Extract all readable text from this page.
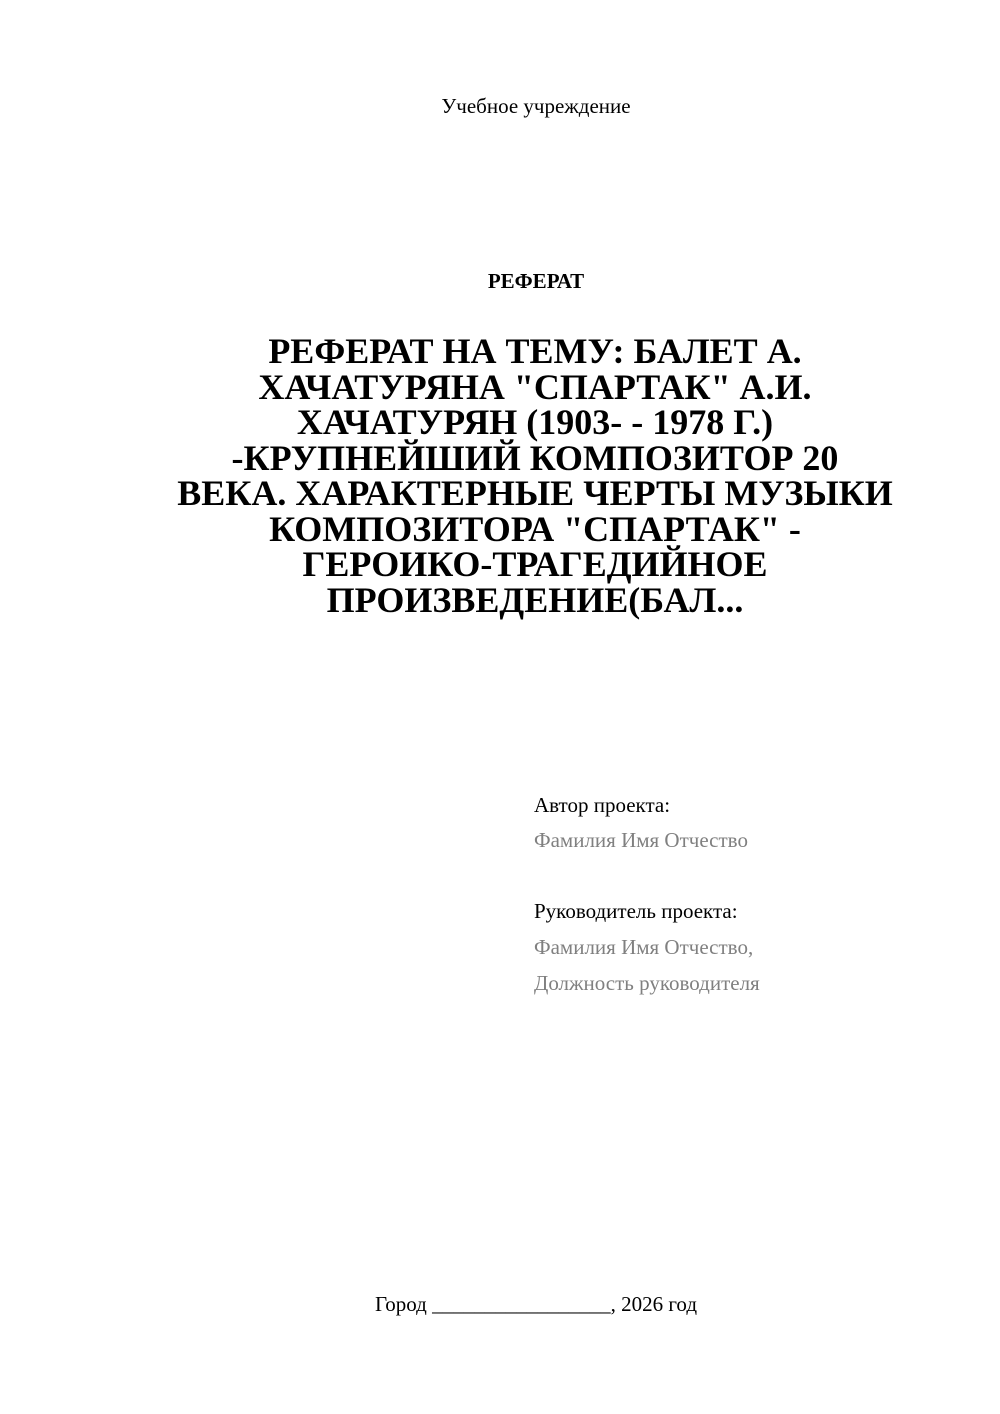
Учебное учреждение
РЕФЕРАТ
РЕФЕРАТ НА ТЕМУ: БАЛЕТ А.
ХАЧАТУРЯНА "СПАРТАК" А.И.
ХАЧАТУРЯН (1903- - 1978 Г.)
-КРУПНЕЙШИЙ КОМПОЗИТОР 20
ВЕКА. ХАРАКТЕРНЫЕ ЧЕРТЫ МУЗЫКИ
КОМПОЗИТОРА "СПАРТАК" -
ГЕРОИКО-ТРАГЕДИЙНОЕ
ПРОИЗВЕДЕНИЕ(БАЛ...
Автор проекта:
Фамилия Имя Отчество
Руководитель проекта:
Фамилия Имя Отчество,
Должность руководителя
Город _________________, 2026 год
